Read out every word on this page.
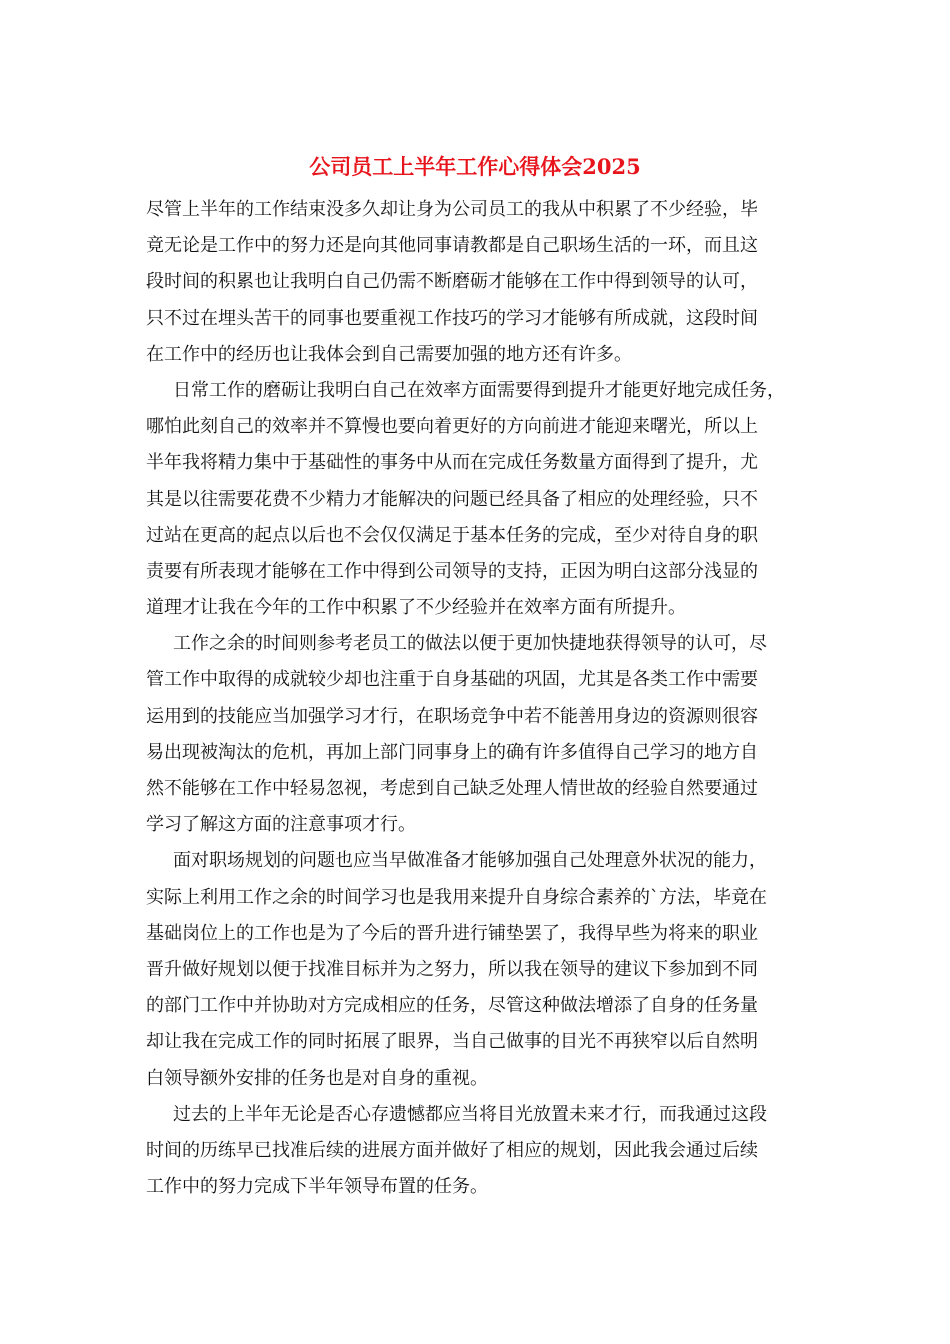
公司员工上半年工作心得体会2025
尽管上半年的工作结束没多久却让身为公司员工的我从中积累了不少经验，毕
竟无论是工作中的努力还是向其他同事请教都是自己职场生活的一环，而且这
段时间的积累也让我明白自己仍需不断磨砺才能够在工作中得到领导的认可，
只不过在埋头苦干的同事也要重视工作技巧的学习才能够有所成就，这段时间
在工作中的经历也让我体会到自己需要加强的地方还有许多。
日常工作的磨砺让我明白自己在效率方面需要得到提升才能更好地完成任务，
哪怕此刻自己的效率并不算慢也要向着更好的方向前进才能迎来曙光，所以上
半年我将精力集中于基础性的事务中从而在完成任务数量方面得到了提升，尤
其是以往需要花费不少精力才能解决的问题已经具备了相应的处理经验，只不
过站在更高的起点以后也不会仅仅满足于基本任务的完成，至少对待自身的职
责要有所表现才能够在工作中得到公司领导的支持，正因为明白这部分浅显的
道理才让我在今年的工作中积累了不少经验并在效率方面有所提升。
工作之余的时间则参考老员工的做法以便于更加快捷地获得领导的认可，尽
管工作中取得的成就较少却也注重于自身基础的巩固，尤其是各类工作中需要
运用到的技能应当加强学习才行，在职场竞争中若不能善用身边的资源则很容
易出现被淘汰的危机，再加上部门同事身上的确有许多值得自己学习的地方自
然不能够在工作中轻易忽视，考虑到自己缺乏处理人情世故的经验自然要通过
学习了解这方面的注意事项才行。
面对职场规划的问题也应当早做准备才能够加强自己处理意外状况的能力，
实际上利用工作之余的时间学习也是我用来提升自身综合素养的`方法，毕竟在
基础岗位上的工作也是为了今后的晋升进行铺垫罢了，我得早些为将来的职业
晋升做好规划以便于找准目标并为之努力，所以我在领导的建议下参加到不同
的部门工作中并协助对方完成相应的任务，尽管这种做法增添了自身的任务量
却让我在完成工作的同时拓展了眼界，当自己做事的目光不再狭窄以后自然明
白领导额外安排的任务也是对自身的重视。
过去的上半年无论是否心存遗憾都应当将目光放置未来才行，而我通过这段
时间的历练早已找准后续的进展方面并做好了相应的规划，因此我会通过后续
工作中的努力完成下半年领导布置的任务。
